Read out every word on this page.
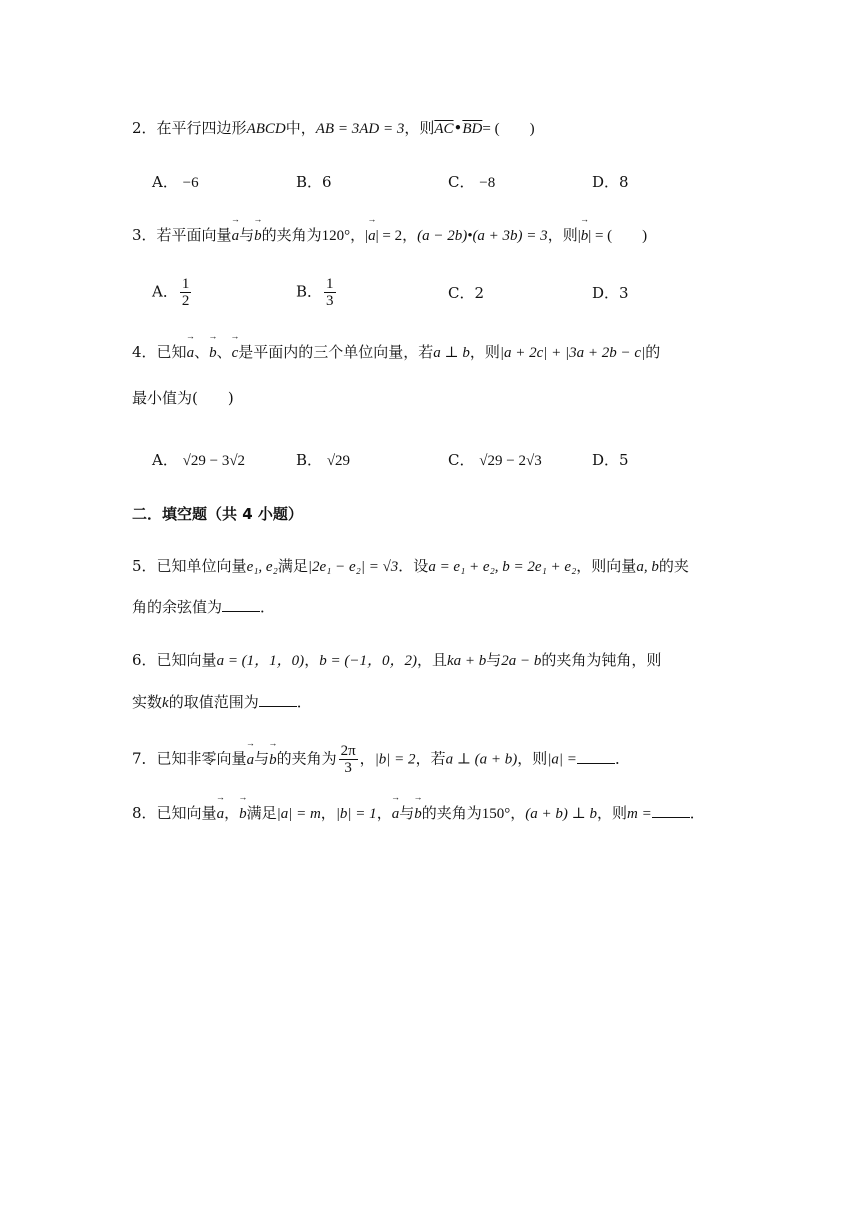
2．在平行四边形ABCD中，AB = 3AD = 3，则$\overline{AC}•\overline{BD}=$ (　　)
A． −6	B．6	C． −8	D．8
3．若平面向量a →与b →的夹角为120°，|a →| = 2，(a − 2b)•(a + 3b) = 3，则|b →| = (　　)
A． $\frac{1}{2}$	B． $\frac{1}{3}$	C．2	D．3
4．已知a →、b →、c →是平面内的三个单位向量，若a ⊥ b，则|a + 2c| + |3a + 2b − c|的
最小值为(　　)
A． √29 − 3√2	B． √29	C． √29 − 2√3	D．5
二．填空题（共 4 小题）
5．已知单位向量e₁, e₂满足|2e₁ − e₂| = √3．设a = e₁ + e₂, b = 2e₁ + e₂，则向量a, b的夹
角的余弦值为	．
6．已知向量a = (1，1，0)，b = (−1，0，2)，且ka + b与2a − b的夹角为钝角，则
实数k的取值范围为	．
7．已知非零向量a →与b →的夹角为 $\frac{2\pi}{3}$ ，|b| = 2，若a ⊥ (a + b)，则|a| =	．
8．已知向量a →，b →满足|a| = m，|b| = 1，a →与b →的夹角为150°，(a + b) ⊥ b，则m =	．
